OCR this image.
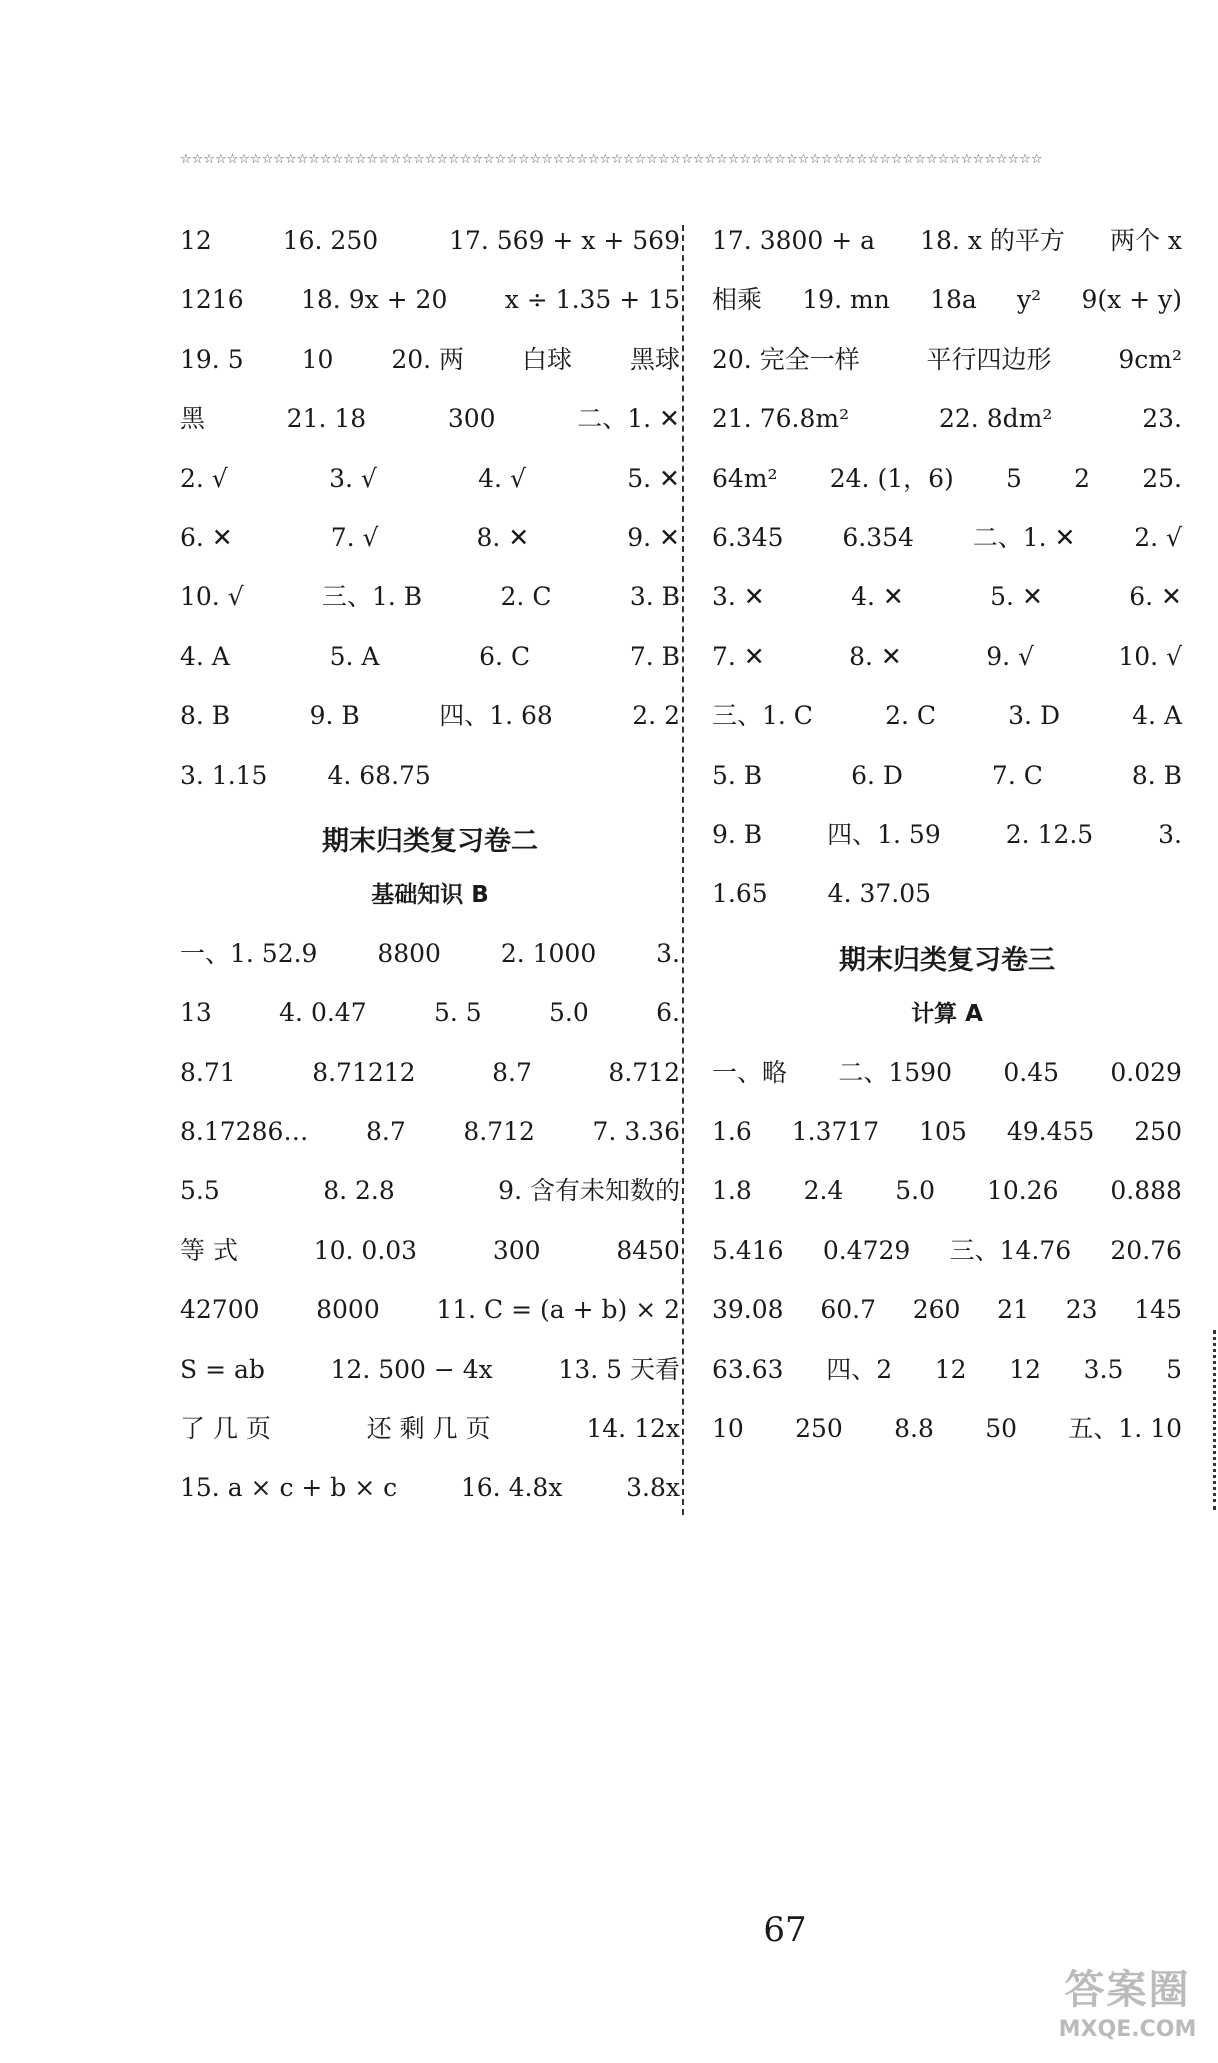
☆☆☆☆☆☆☆☆☆☆☆☆☆☆☆☆☆☆☆☆☆☆☆☆☆☆☆☆☆☆☆☆☆☆☆☆☆☆☆☆☆☆☆☆☆☆☆☆☆☆☆☆☆☆☆☆☆☆☆☆☆☆☆☆☆☆☆☆☆☆☆☆☆☆
12	16. 250	17. 569 + x + 569
1216 18. 9x + 20 x ÷ 1.35 + 15
19. 5 10 20. 两 白球 黑球
黑	21. 18	300	二、1. ✕
2. √	3. √	4. √	5. ✕
6. ✕	7. √	8. ✕	9. ✕
10. √	三、1. B	2. C	3. B
4. A	5. A	6. C	7. B
8. B	9. B	四、1. 68	2. 2
3. 1.15 4. 68.75
期末归类复习卷二
基础知识 B
一、1. 52.9 8800 2. 1000 3.
13	4. 0.47	5. 5	5.0	6.
8.71	8.71212	8.7	8.712
8.17286… 8.7 8.712 7. 3.36
5.5	8. 2.8	9. 含有未知数的
等 式	10. 0.03	300	8450
42700 8000 11. C = (a + b) × 2
S = ab	12. 500 − 4x	13. 5 天看
了 几 页	还 剩 几 页	14. 12x
15. a × c + b × c	16. 4.8x	3.8x
17. 3800 + a 18. x 的平方 两个 x
相乘 19. mn 18a y² 9(x + y)
20. 完全一样	平行四边形	9cm²
21. 76.8m²	22. 8dm²	23.
64m² 24. (1，6) 5 2 25.
6.345 6.354 二、1. ✕ 2. √
3. ✕	4. ✕	5. ✕	6. ✕
7. ✕	8. ✕	9. √	10. √
三、1. C	2. C	3. D	4. A
5. B	6. D	7. C	8. B
9. B	四、1. 59	2. 12.5	3.
1.65 4. 37.05
期末归类复习卷三
计算 A
一、略 二、1590 0.45 0.029
1.6 1.3717 105 49.455 250
1.8 2.4 5.0 10.26 0.888
5.416 0.4729 三、14.76 20.76
39.08 60.7 260 21 23 145
63.63 四、2 12 12 3.5 5
10 250 8.8 50 五、1. 10
67
答案圈
MXQE.COM
